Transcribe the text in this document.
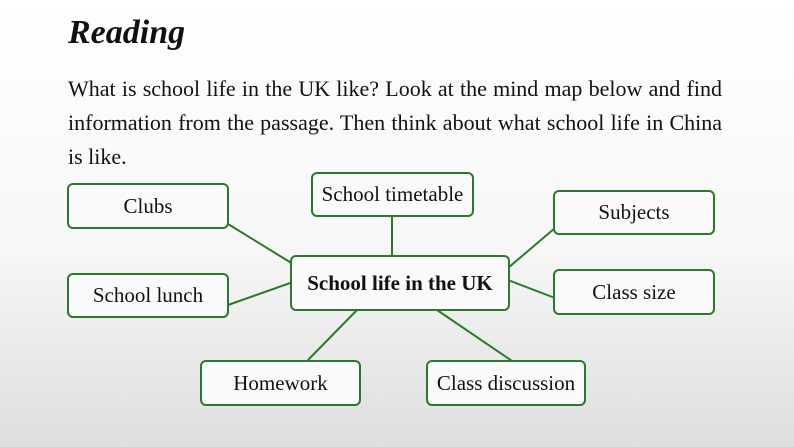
Reading

What is school life in the UK like? Look at the mind map below and find information from the passage. Then think about what school life in China is like.

School life in the UK
Clubs	School timetable
Subjects
School lunch	Class size
Homework	Class discussion
